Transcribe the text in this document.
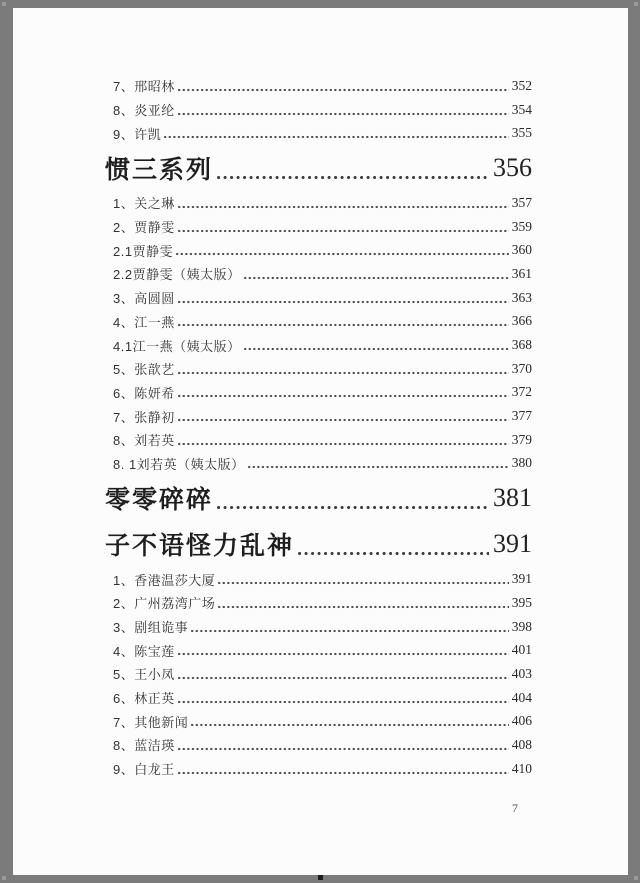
7、邢昭林	352
8、炎亚纶	354
9、许凯	355
惯三系列	356
1、关之琳	357
2、贾静雯	359
2.1贾静雯	360
2.2贾静雯（姨太版）	361
3、高圆圆	363
4、江一燕	366
4.1江一燕（姨太版）	368
5、张歆艺	370
6、陈妍希	372
7、张静初	377
8、刘若英	379
8. 1刘若英（姨太版）	380
零零碎碎	381
子不语怪力乱神	391
1、香港温莎大厦	391
2、广州荔湾广场	395
3、剧组诡事	398
4、陈宝莲	401
5、王小凤	403
6、林正英	404
7、其他新闻	406
8、蓝洁瑛	408
9、白龙王	410
7
